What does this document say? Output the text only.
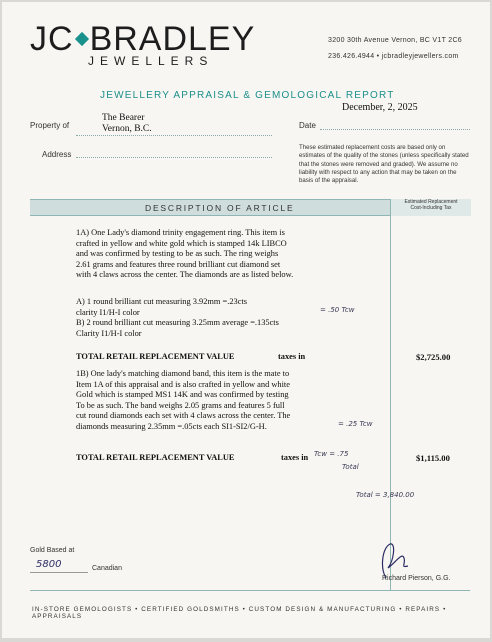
JC BRADLEY
JEWELLERS
3200 30th Avenue Vernon, BC V1T 2C6
236.426.4944 • jcbradleyjewellers.com
JEWELLERY APPRAISAL & GEMOLOGICAL REPORT
December, 2, 2025
Property of
The Bearer
Vernon, B.C.
Address
Date
These estimated replacement costs are based only on estimates of the quality of the stones (unless specifically stated that the stones were removed and graded). We assume no liability with respect to any action that may be taken on the basis of the appraisal.
DESCRIPTION OF ARTICLE
Estimated Replacement
Cost-Including Tax
1A) One Lady's diamond trinity engagement ring. This item is
crafted in yellow and white gold which is stamped 14k LIBCO
and was confirmed by testing to be as such. The ring weighs
2.61 grams and features three round brilliant cut diamond set
with 4 claws across the center. The diamonds are as listed below.
A) 1 round brilliant cut measuring 3.92mm =.23cts
clarity I1/H-I color
B) 2 round brilliant cut measuring 3.25mm average =.135cts
Clarity I1/H-I color
TOTAL RETAIL REPLACEMENT VALUE	taxes in	$2,725.00
1B) One lady's matching diamond band, this item is the mate to
Item 1A of this appraisal and is also crafted in yellow and white
Gold which is stamped MS1 14K and was confirmed by testing
To be as such. The band weighs 2.05 grams and features 5 full
cut round diamonds each set with 4 claws across the center. The
diamonds measuring 2.35mm =.05cts each SI1-SI2/G-H.
TOTAL RETAIL REPLACEMENT VALUE	taxes in	$1,115.00
= .50 Tcw
= .25 Tcw
Tcw = .75
Total
Total = 3,840.00
Gold Based at
5800	Canadian
Richard Pierson, G.G.
IN-STORE GEMOLOGISTS • CERTIFIED GOLDSMITHS • CUSTOM DESIGN & MANUFACTURING • REPAIRS • APPRAISALS
